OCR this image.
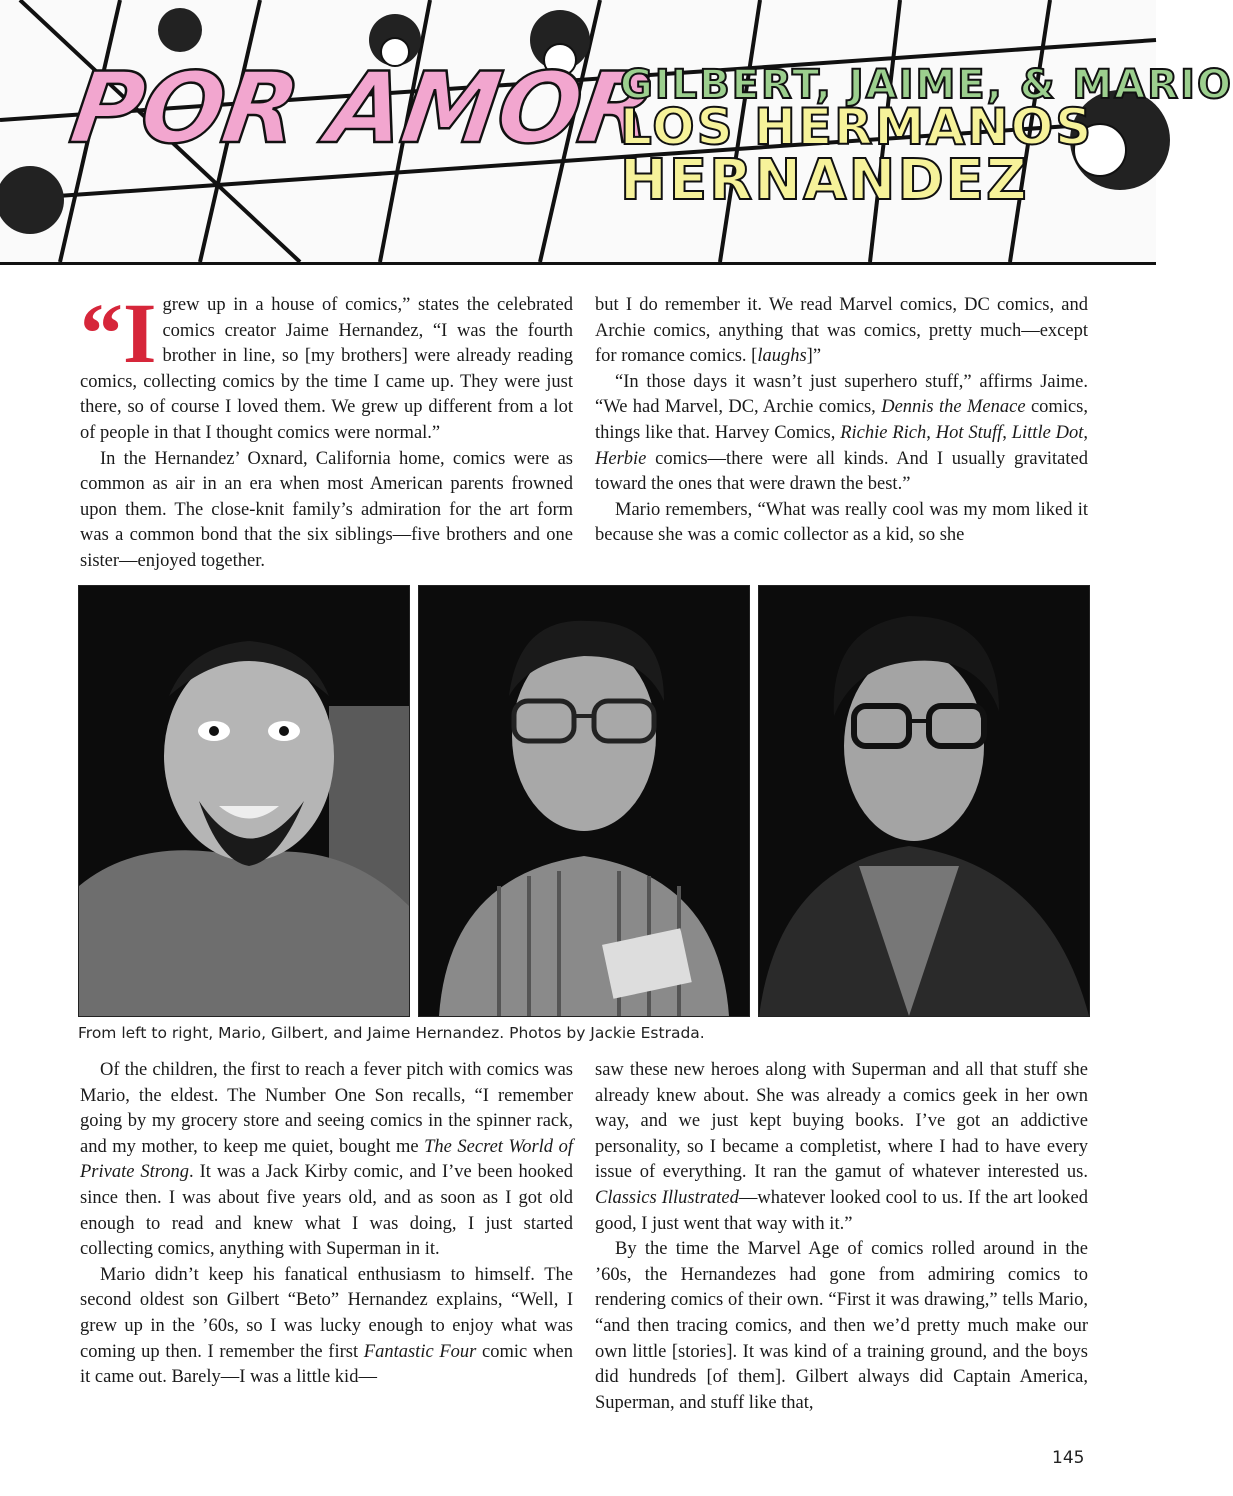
POR AMOR
GILBERT, JAIME, & MARIO
LOS HERMANOS
HERNANDEZ

“Igrew up in a house of comics,” states the celebrated comics creator Jaime Hernandez, “I was the fourth brother in line, so [my brothers] were already reading comics, collecting comics by the time I came up. They were just there, so of course I loved them. We grew up different from a lot of people in that I thought comics were normal.”

In the Hernandez’ Oxnard, California home, comics were as common as air in an era when most American parents frowned upon them. The close-knit family’s admiration for the art form was a common bond that the six siblings—five brothers and one sister—enjoyed together.

but I do remember it. We read Marvel comics, DC comics, and Archie comics, anything that was comics, pretty much—except for romance comics. [laughs]”

“In those days it wasn’t just superhero stuff,” affirms Jaime. “We had Marvel, DC, Archie comics, Dennis the Menace comics, things like that. Harvey Comics, Richie Rich, Hot Stuff, Little Dot, Herbie comics—there were all kinds. And I usually gravitated toward the ones that were drawn the best.”

Mario remembers, “What was really cool was my mom liked it because she was a comic collector as a kid, so she

From left to right, Mario, Gilbert, and Jaime Hernandez. Photos by Jackie Estrada.

Of the children, the first to reach a fever pitch with comics was Mario, the eldest. The Number One Son recalls, “I remember going by my grocery store and seeing comics in the spinner rack, and my mother, to keep me quiet, bought me The Secret World of Private Strong. It was a Jack Kirby comic, and I’ve been hooked since then. I was about five years old, and as soon as I got old enough to read and knew what I was doing, I just started collecting comics, anything with Superman in it.

Mario didn’t keep his fanatical enthusiasm to himself. The second oldest son Gilbert “Beto” Hernandez explains, “Well, I grew up in the ’60s, so I was lucky enough to enjoy what was coming up then. I remember the first Fantastic Four comic when it came out. Barely—I was a little kid—

saw these new heroes along with Superman and all that stuff she already knew about. She was already a comics geek in her own way, and we just kept buying books. I’ve got an addictive personality, so I became a completist, where I had to have every issue of everything. It ran the gamut of whatever interested us. Classics Illustrated—whatever looked cool to us. If the art looked good, I just went that way with it.”

By the time the Marvel Age of comics rolled around in the ’60s, the Hernandezes had gone from admiring comics to rendering comics of their own. “First it was drawing,” tells Mario, “and then tracing comics, and then we’d pretty much make our own little [stories]. It was kind of a training ground, and the boys did hundreds [of them]. Gilbert always did Captain America, Superman, and stuff like that,

145
